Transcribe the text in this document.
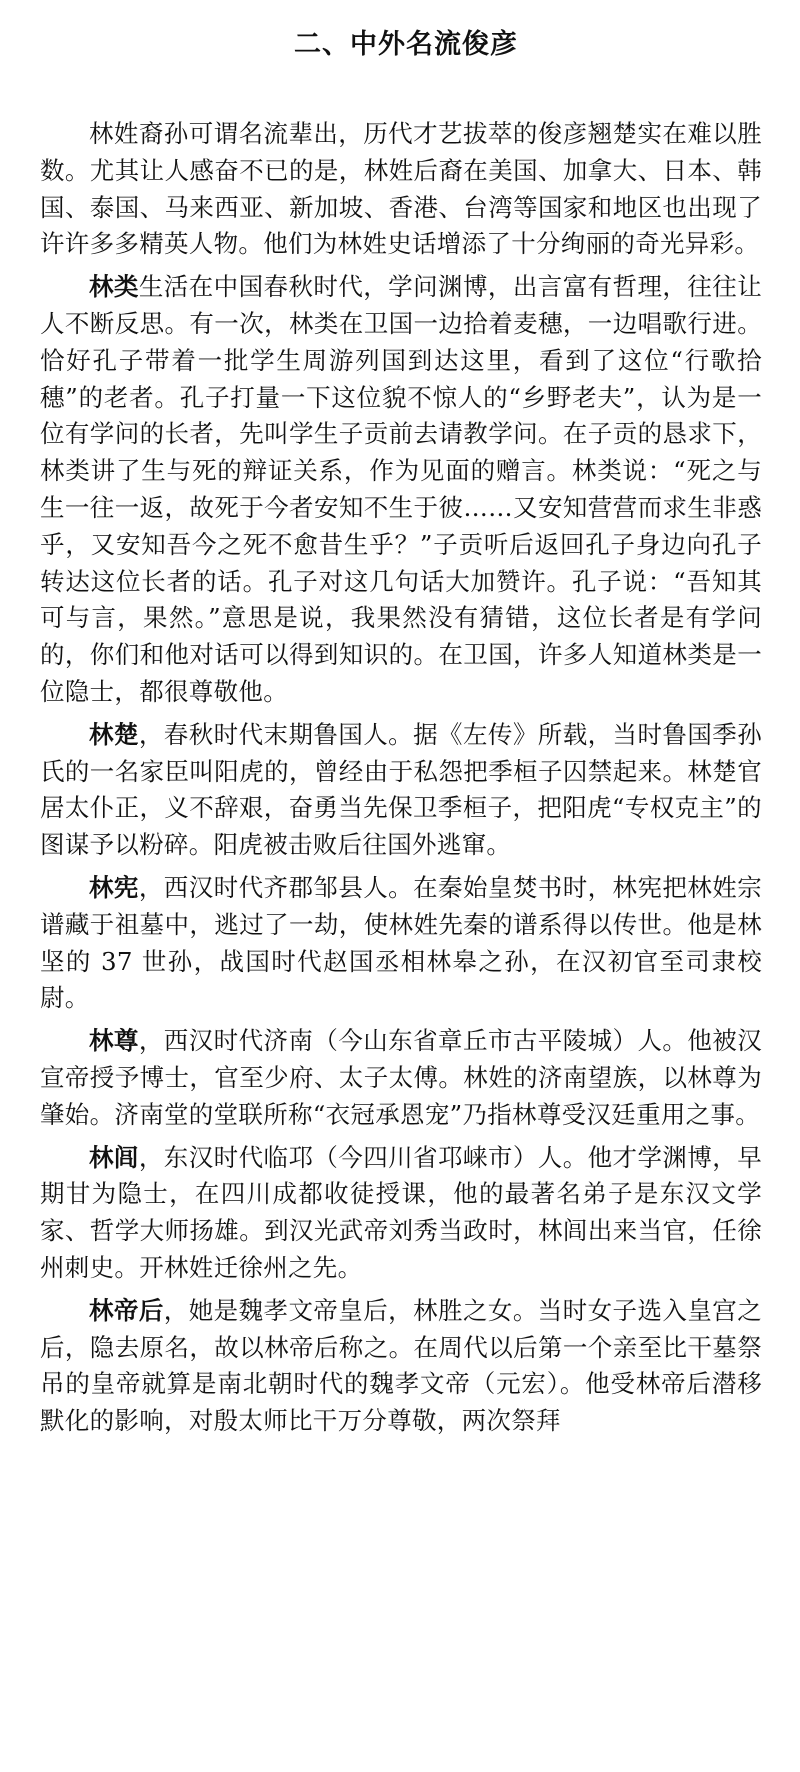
二、中外名流俊彦

林姓裔孙可谓名流辈出，历代才艺拔萃的俊彦翘楚实在难以胜数。尤其让人感奋不已的是，林姓后裔在美国、加拿大、日本、韩国、泰国、马来西亚、新加坡、香港、台湾等国家和地区也出现了许许多多精英人物。他们为林姓史话增添了十分绚丽的奇光异彩。

林类生活在中国春秋时代，学问渊博，出言富有哲理，往往让人不断反思。有一次，林类在卫国一边拾着麦穗，一边唱歌行进。恰好孔子带着一批学生周游列国到达这里，看到了这位“行歌拾穗”的老者。孔子打量一下这位貌不惊人的“乡野老夫”，认为是一位有学问的长者，先叫学生子贡前去请教学问。在子贡的恳求下，林类讲了生与死的辩证关系，作为见面的赠言。林类说：“死之与生一往一返，故死于今者安知不生于彼……又安知营营而求生非惑乎，又安知吾今之死不愈昔生乎？”子贡听后返回孔子身边向孔子转达这位长者的话。孔子对这几句话大加赞许。孔子说：“吾知其可与言，果然。”意思是说，我果然没有猜错，这位长者是有学问的，你们和他对话可以得到知识的。在卫国，许多人知道林类是一位隐士，都很尊敬他。

林楚，春秋时代末期鲁国人。据《左传》所载，当时鲁国季孙氏的一名家臣叫阳虎的，曾经由于私怨把季桓子囚禁起来。林楚官居太仆正，义不辞艰，奋勇当先保卫季桓子，把阳虎“专权克主”的图谋予以粉碎。阳虎被击败后往国外逃窜。

林宪，西汉时代齐郡邹县人。在秦始皇焚书时，林宪把林姓宗谱藏于祖墓中，逃过了一劫，使林姓先秦的谱系得以传世。他是林坚的 37 世孙，战国时代赵国丞相林皋之孙，在汉初官至司隶校尉。

林尊，西汉时代济南（今山东省章丘市古平陵城）人。他被汉宣帝授予博士，官至少府、太子太傅。林姓的济南望族，以林尊为肇始。济南堂的堂联所称“衣冠承恩宠”乃指林尊受汉廷重用之事。

林闾，东汉时代临邛（今四川省邛崃市）人。他才学渊博，早期甘为隐士，在四川成都收徒授课，他的最著名弟子是东汉文学家、哲学大师扬雄。到汉光武帝刘秀当政时，林闾出来当官，任徐州刺史。开林姓迁徐州之先。

林帝后，她是魏孝文帝皇后，林胜之女。当时女子选入皇宫之后，隐去原名，故以林帝后称之。在周代以后第一个亲至比干墓祭吊的皇帝就算是南北朝时代的魏孝文帝（元宏）。他受林帝后潜移默化的影响，对殷太师比干万分尊敬，两次祭拜
